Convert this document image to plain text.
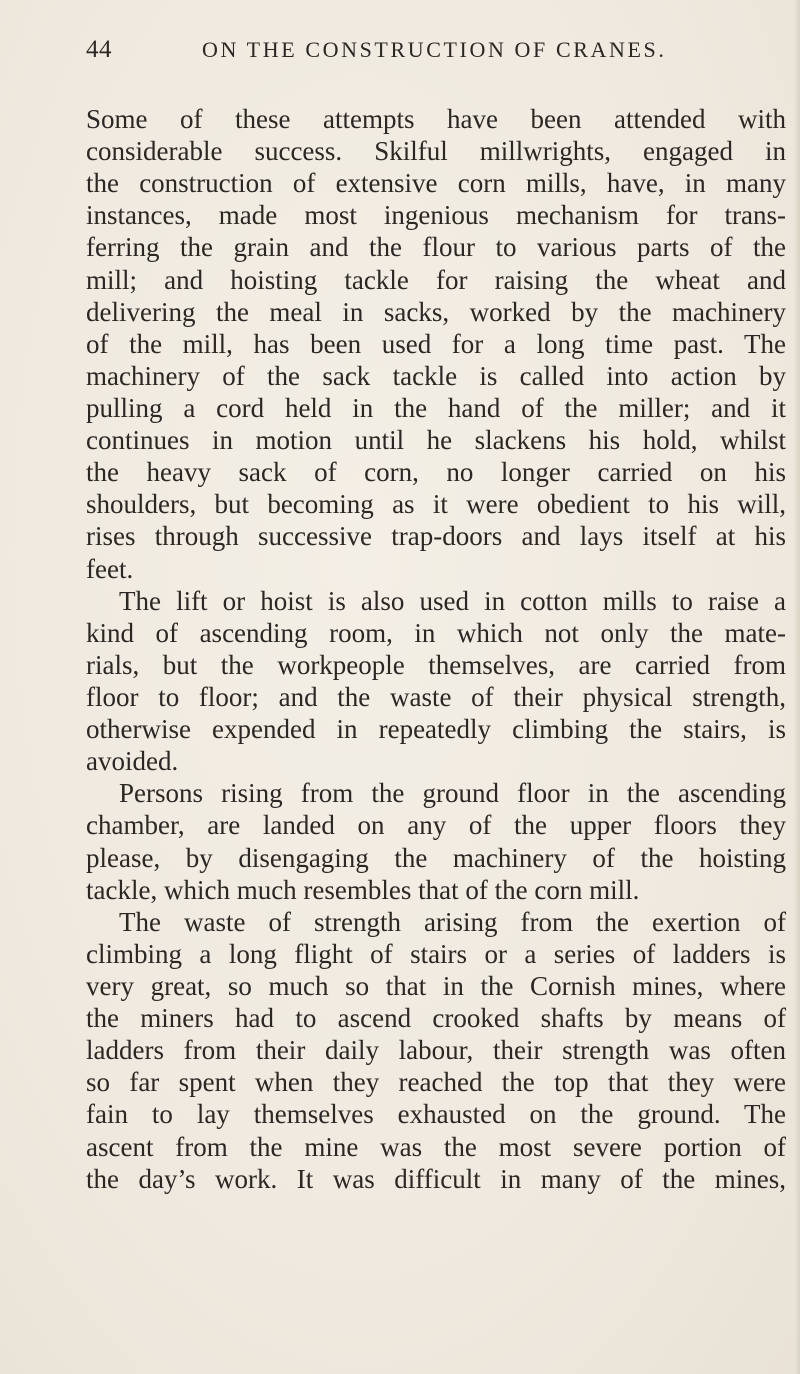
44	ON THE CONSTRUCTION OF CRANES.
Some of these attempts have been attended with
considerable success. Skilful millwrights, engaged in
the construction of extensive corn mills, have, in many
instances, made most ingenious mechanism for trans-
ferring the grain and the flour to various parts of the
mill; and hoisting tackle for raising the wheat and
delivering the meal in sacks, worked by the machinery
of the mill, has been used for a long time past. The
machinery of the sack tackle is called into action by
pulling a cord held in the hand of the miller; and it
continues in motion until he slackens his hold, whilst
the heavy sack of corn, no longer carried on his
shoulders, but becoming as it were obedient to his will,
rises through successive trap-doors and lays itself at his
feet.
The lift or hoist is also used in cotton mills to raise a
kind of ascending room, in which not only the mate-
rials, but the workpeople themselves, are carried from
floor to floor; and the waste of their physical strength,
otherwise expended in repeatedly climbing the stairs, is
avoided.
Persons rising from the ground floor in the ascending
chamber, are landed on any of the upper floors they
please, by disengaging the machinery of the hoisting
tackle, which much resembles that of the corn mill.
The waste of strength arising from the exertion of
climbing a long flight of stairs or a series of ladders is
very great, so much so that in the Cornish mines, where
the miners had to ascend crooked shafts by means of
ladders from their daily labour, their strength was often
so far spent when they reached the top that they were
fain to lay themselves exhausted on the ground. The
ascent from the mine was the most severe portion of
the day’s work. It was difficult in many of the mines,
